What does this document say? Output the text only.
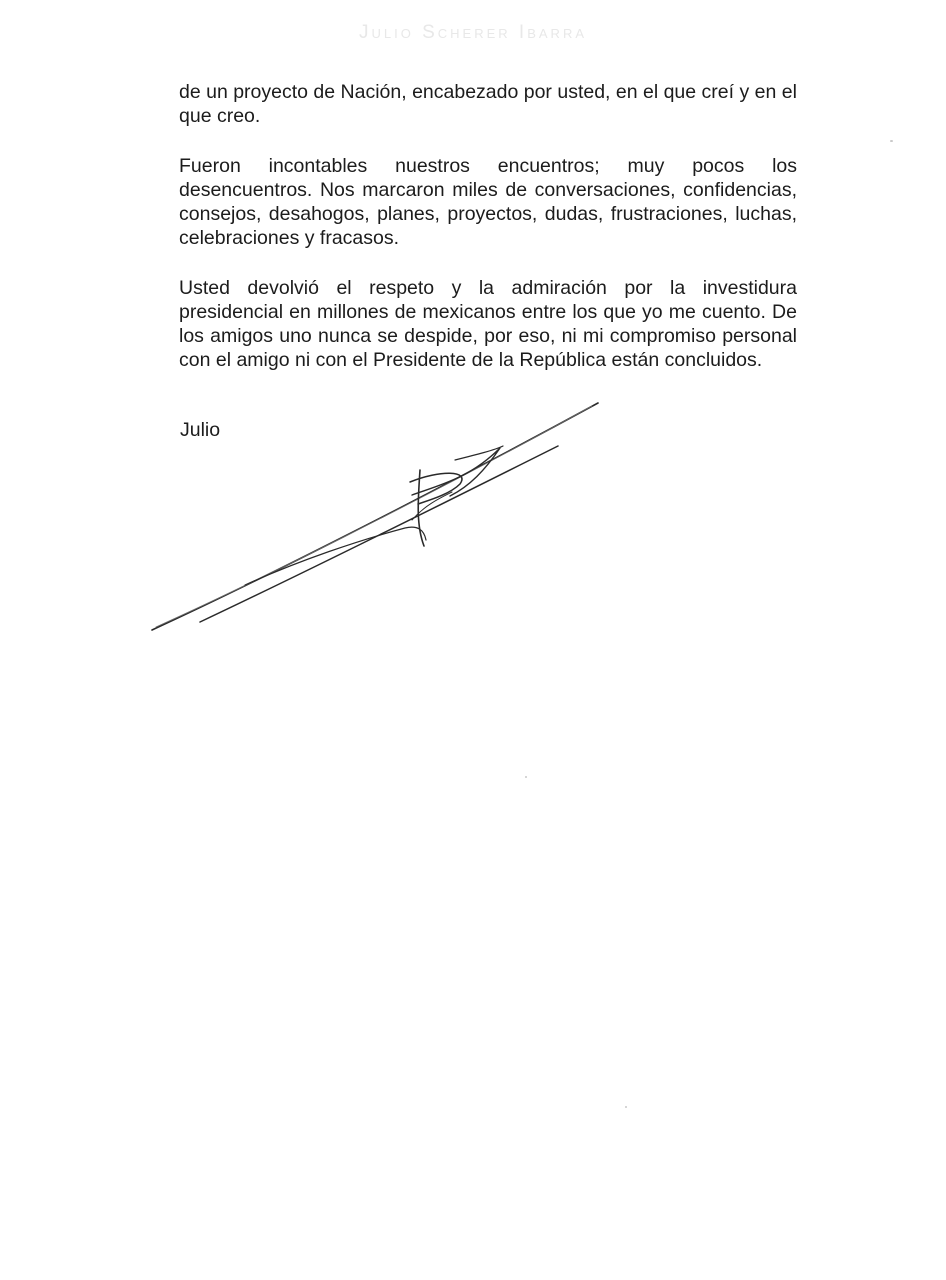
Julio Scherer Ibarra

de un proyecto de Nación, encabezado por usted, en el que creí y en el que creo.

Fueron incontables nuestros encuentros; muy pocos los desencuentros. Nos marcaron miles de conversaciones, confidencias, consejos, desahogos, planes, proyectos, dudas, frustraciones, luchas, celebraciones y fracasos.

Usted devolvió el respeto y la admiración por la investidura presidencial en millones de mexicanos entre los que yo me cuento. De los amigos uno nunca se despide, por eso, ni mi compromiso personal con el amigo ni con el Presidente de la República están concluidos.

Julio
